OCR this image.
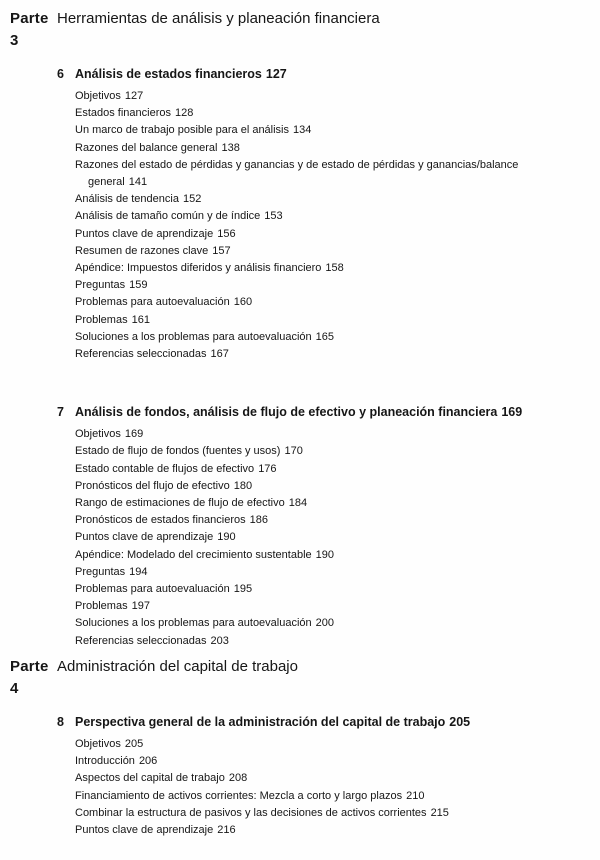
Parte 3
Herramientas de análisis y planeación financiera
6 Análisis de estados financieros 127
Objetivos 127
Estados financieros 128
Un marco de trabajo posible para el análisis 134
Razones del balance general 138
Razones del estado de pérdidas y ganancias y de estado de pérdidas y ganancias/balance general 141
Análisis de tendencia 152
Análisis de tamaño común y de índice 153
Puntos clave de aprendizaje 156
Resumen de razones clave 157
Apéndice: Impuestos diferidos y análisis financiero 158
Preguntas 159
Problemas para autoevaluación 160
Problemas 161
Soluciones a los problemas para autoevaluación 165
Referencias seleccionadas 167
7 Análisis de fondos, análisis de flujo de efectivo y planeación financiera 169
Objetivos 169
Estado de flujo de fondos (fuentes y usos) 170
Estado contable de flujos de efectivo 176
Pronósticos del flujo de efectivo 180
Rango de estimaciones de flujo de efectivo 184
Pronósticos de estados financieros 186
Puntos clave de aprendizaje 190
Apéndice: Modelado del crecimiento sustentable 190
Preguntas 194
Problemas para autoevaluación 195
Problemas 197
Soluciones a los problemas para autoevaluación 200
Referencias seleccionadas 203
Parte 4
Administración del capital de trabajo
8 Perspectiva general de la administración del capital de trabajo 205
Objetivos 205
Introducción 206
Aspectos del capital de trabajo 208
Financiamiento de activos corrientes: Mezcla a corto y largo plazos 210
Combinar la estructura de pasivos y las decisiones de activos corrientes 215
Puntos clave de aprendizaje 216
